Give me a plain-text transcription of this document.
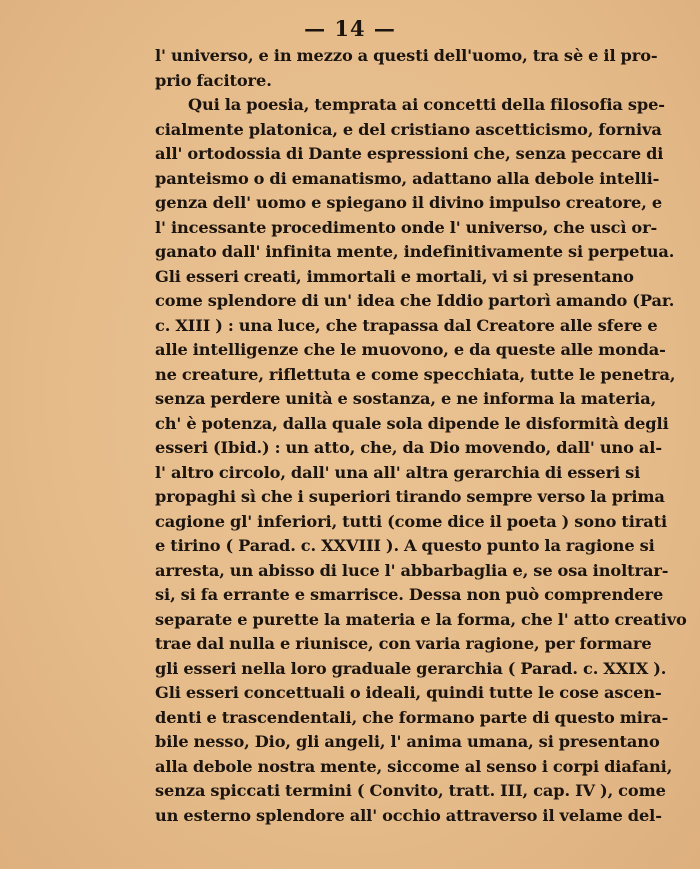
— 14 —
l' universo, e in mezzo a questi dell'uomo, tra sè e il pro-
prio facitore.
Qui la poesia, temprata ai concetti della filosofia spe-
cialmente platonica, e del cristiano ascetticismo, forniva
all' ortodossia di Dante espressioni che, senza peccare di
panteismo o di emanatismo, adattano alla debole intelli-
genza dell' uomo e spiegano il divino impulso creatore, e
l' incessante procedimento onde l' universo, che uscì or-
ganato dall' infinita mente, indefinitivamente si perpetua.
Gli esseri creati, immortali e mortali, vi si presentano
come splendore di un' idea che Iddio partorì amando (Par.
c. XIII ) : una luce, che trapassa dal Creatore alle sfere e
alle intelligenze che le muovono, e da queste alle monda-
ne creature, riflettuta e come specchiata, tutte le penetra,
senza perdere unità e sostanza, e ne informa la materia,
ch' è potenza, dalla quale sola dipende le disformità degli
esseri (Ibid.) : un atto, che, da Dio movendo, dall' uno al-
l' altro circolo, dall' una all' altra gerarchia di esseri si
propaghi sì che i superiori tirando sempre verso la prima
cagione gl' inferiori, tutti (come dice il poeta ) sono tirati
e tirino ( Parad. c. XXVIII ). A questo punto la ragione si
arresta, un abisso di luce l' abbarbaglia e, se osa inoltrar-
si, si fa errante e smarrisce. Dessa non può comprendere
separate e purette la materia e la forma, che l' atto creativo
trae dal nulla e riunisce, con varia ragione, per formare
gli esseri nella loro graduale gerarchia ( Parad. c. XXIX ).
Gli esseri concettuali o ideali, quindi tutte le cose ascen-
denti e trascendentali, che formano parte di questo mira-
bile nesso, Dio, gli angeli, l' anima umana, si presentano
alla debole nostra mente, siccome al senso i corpi diafani,
senza spiccati termini ( Convito, tratt. III, cap. IV ), come
un esterno splendore all' occhio attraverso il velame del-
